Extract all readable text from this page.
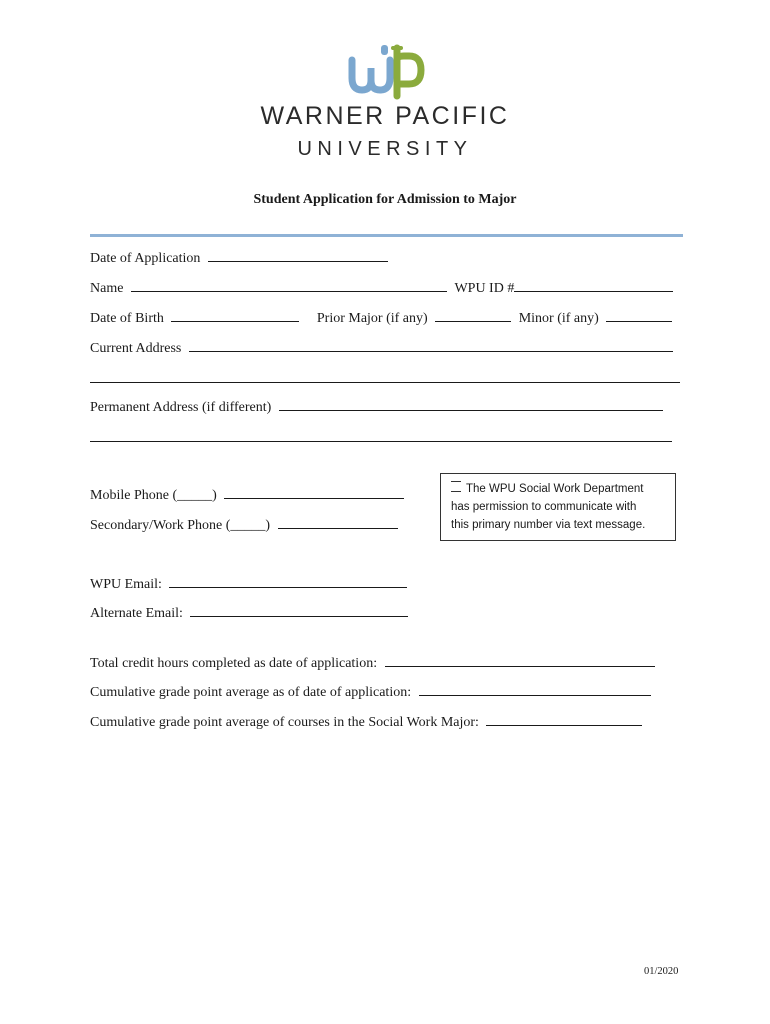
WARNER PACIFIC
UNIVERSITY
Student Application for Admission to Major
Date of Application
Name	WPU ID #
Date of Birth	Prior Major (if any)	Minor (if any)
Current Address
Permanent Address (if different)
Mobile Phone (_____)
Secondary/Work Phone (_____)
The WPU Social Work Department
has permission to communicate with
this primary number via text message.
WPU Email:
Alternate Email:
Total credit hours completed as date of application:
Cumulative grade point average as of date of application:
Cumulative grade point average of courses in the Social Work Major:
01/2020
